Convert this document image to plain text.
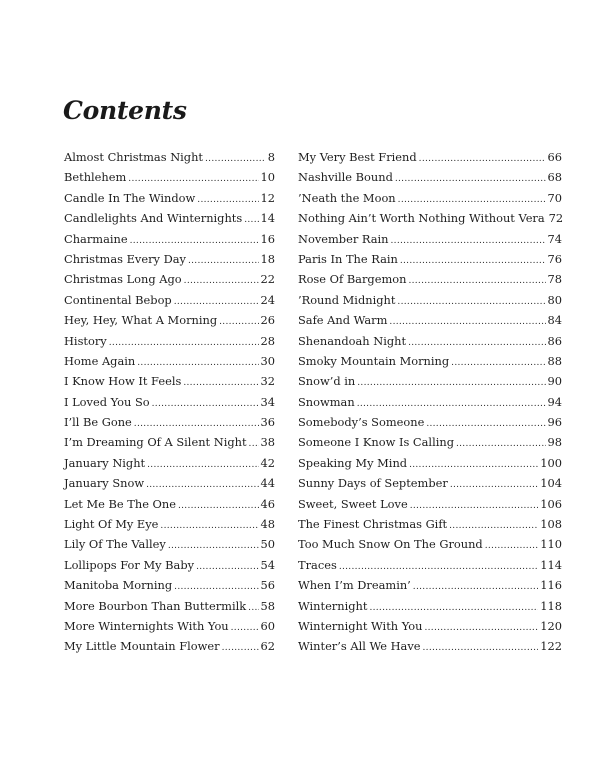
Contents
Almost Christmas Night .....	8
Bethlehem .....	10
Candle In The Window .....	12
Candlelights And Winternights ..... 14
Charmaine .....	16
Christmas Every Day .....	18
Christmas Long Ago .....	22
Continental Bebop .....	24
Hey, Hey, What A Morning .....	26
History .....	28
Home Again .....	30
I Know How It Feels .....	32
I Loved You So .....	34
I’ll Be Gone .....	36
I’m Dreaming Of A Silent Night ..... 38
January Night .....	42
January Snow .....	44
Let Me Be The One .....	46
Light Of My Eye .....	48
Lily Of The Valley .....	50
Lollipops For My Baby .....	54
Manitoba Morning .....	56
More Bourbon Than Buttermilk ..... 58
More Winternights With You .....	60
My Little Mountain Flower .....	62
My Very Best Friend .....	66
Nashville Bound .....	68
’Neath the Moon .....	70
Nothing Ain’t Worth Nothing Without Vera 72
November Rain .....	74
Paris In The Rain .....	76
Rose Of Bargemon .....	78
’Round Midnight .....	80
Safe And Warm .....	84
Shenandoah Night .....	86
Smoky Mountain Morning .....	88
Snow’d in .....	90
Snowman .....	94
Somebody’s Someone .....	96
Someone I Know Is Calling .....	98
Speaking My Mind .....	100
Sunny Days of September .....	104
Sweet, Sweet Love .....	106
The Finest Christmas Gift .....	108
Too Much Snow On The Ground .....	110
Traces .....	114
When I’m Dreamin’ .....	116
Winternight .....	118
Winternight With You .....	120
Winter’s All We Have .....	122
